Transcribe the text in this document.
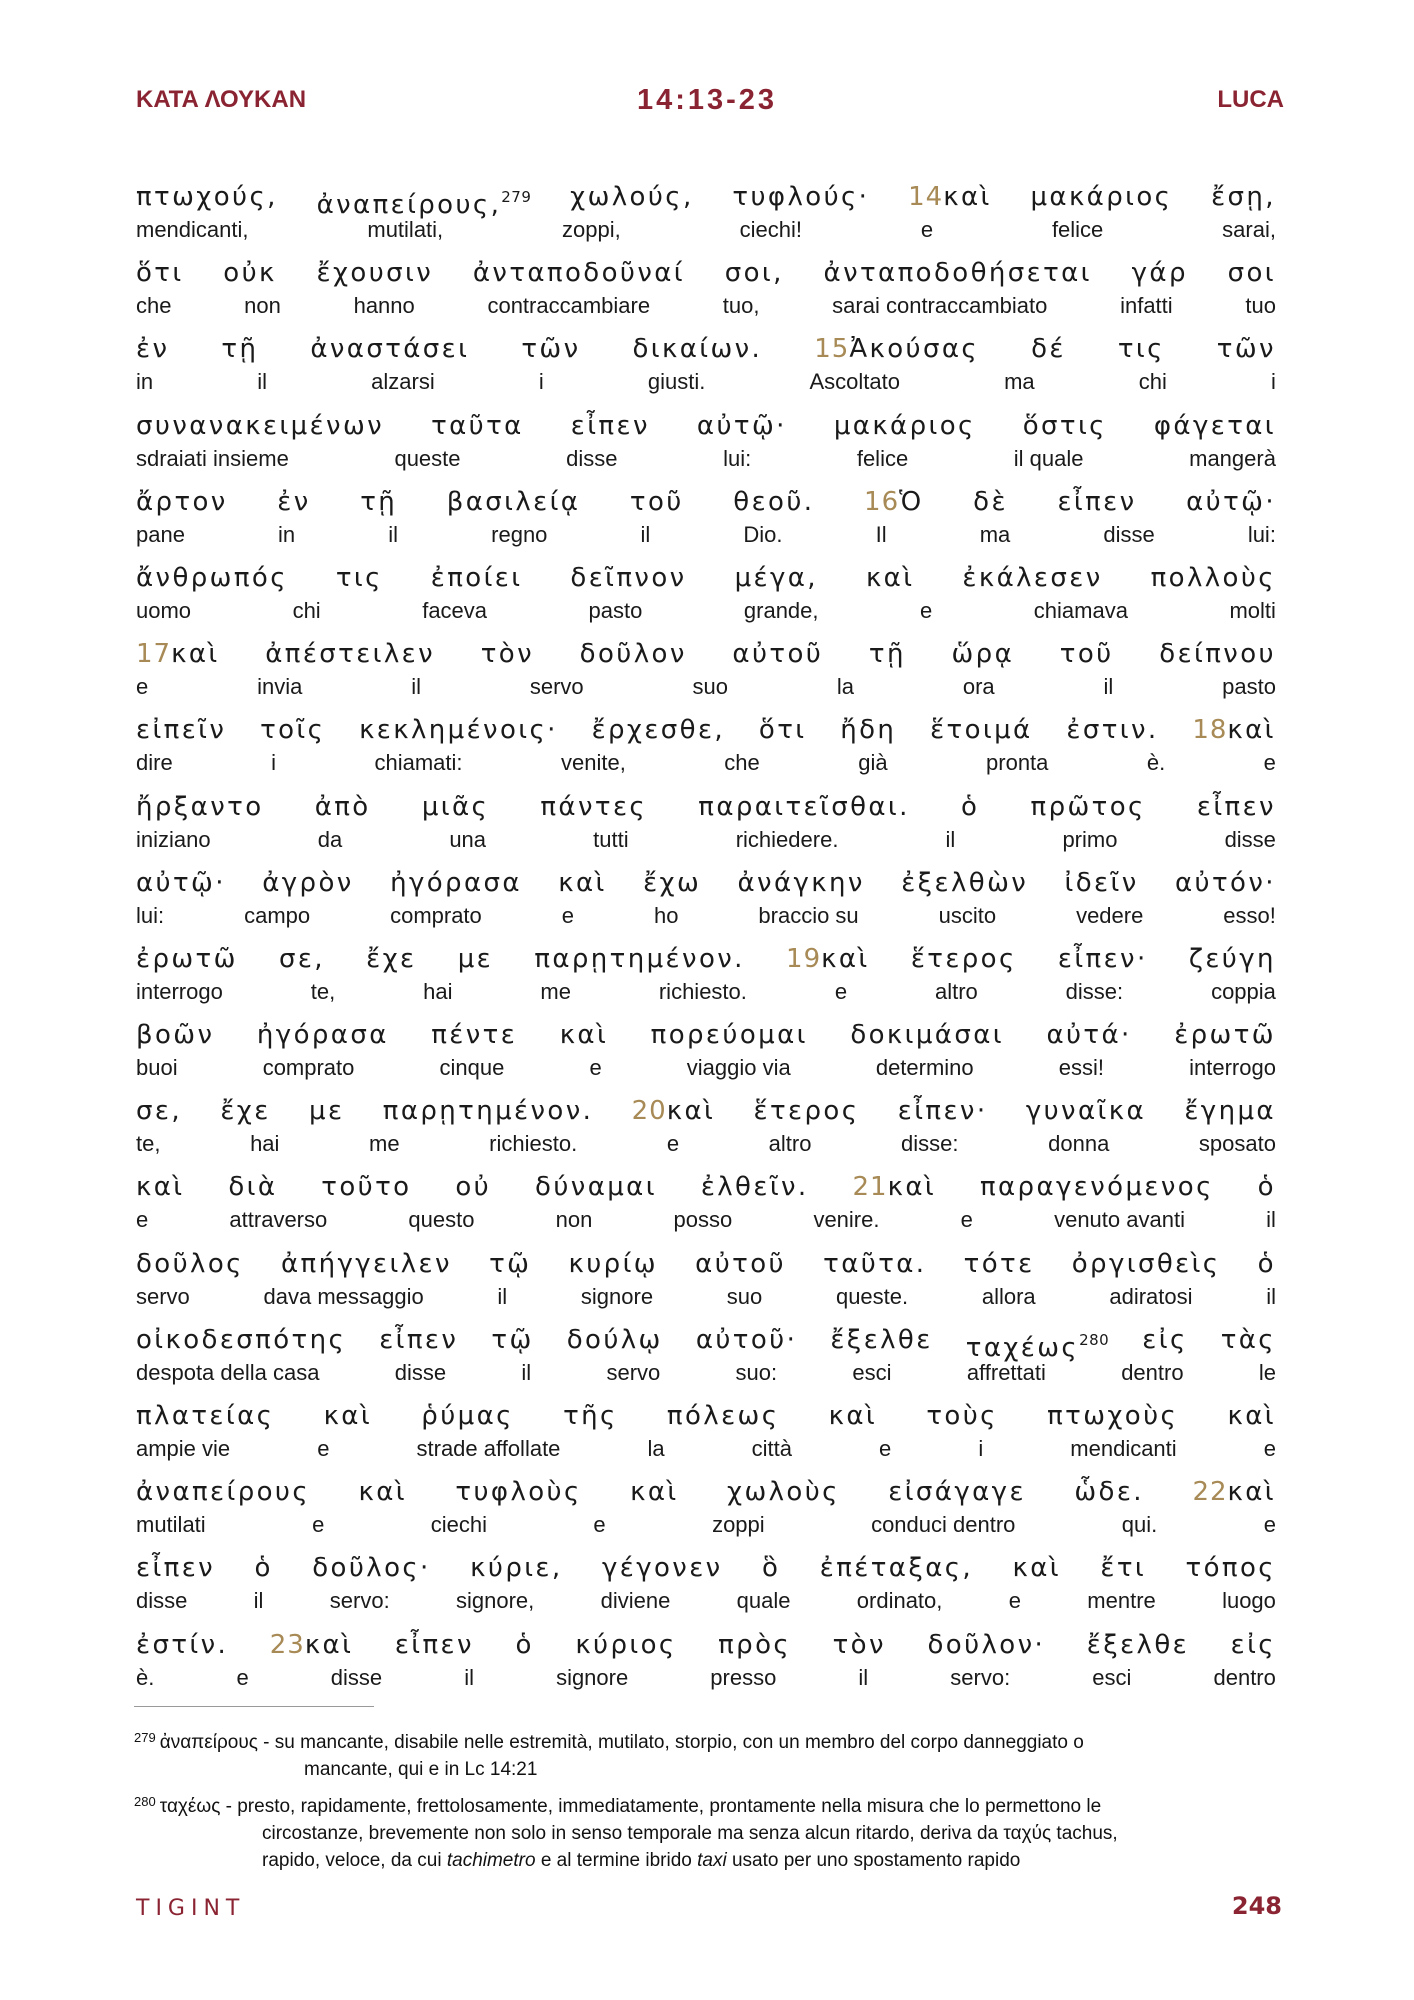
ΚΑΤΑ ΛΟΥΚΑΝ	14:13-23	LUCA
πτωχούς, ἀναπείρους,$^{279}$ χωλούς, τυφλούς· 14καὶ μακάριος ἔσῃ,
mendicanti,	mutilati,	zoppi,	ciechi!	e	felice	sarai,
ὅτι οὐκ ἔχουσιν ἀνταποδοῦναί σοι, ἀνταποδοθήσεται γάρ σοι
che	non	hanno	contraccambiare	tuo,	sarai contraccambiato	infatti	tuo
ἐν τῇ ἀναστάσει τῶν δικαίων. 15Ἀκούσας δέ τις τῶν
in	il	alzarsi	i	giusti.	Ascoltato	ma	chi	i
συνανακειμένων ταῦτα εἶπεν αὐτῷ· μακάριος ὅστις φάγεται
sdraiati insieme	queste	disse	lui:	felice	il quale	mangerà
ἄρτον ἐν τῇ βασιλείᾳ τοῦ θεοῦ. 16Ὁ δὲ εἶπεν αὐτῷ·
pane	in	il	regno	il	Dio.	Il	ma	disse	lui:
ἄνθρωπός τις ἐποίει δεῖπνον μέγα, καὶ ἐκάλεσεν πολλοὺς
uomo	chi	faceva	pasto	grande,	e	chiamava	molti
17καὶ ἀπέστειλεν τὸν δοῦλον αὐτοῦ τῇ ὥρᾳ τοῦ δείπνου
e	invia	il	servo	suo	la	ora	il	pasto
εἰπεῖν τοῖς κεκλημένοις· ἔρχεσθε, ὅτι ἤδη ἕτοιμά ἐστιν. 18καὶ
dire	i	chiamati:	venite,	che	già	pronta	è.	e
ἤρξαντο ἀπὸ μιᾶς πάντες παραιτεῖσθαι. ὁ πρῶτος εἶπεν
iniziano	da	una	tutti	richiedere.	il	primo	disse
αὐτῷ· ἀγρὸν ἠγόρασα καὶ ἔχω ἀνάγκην ἐξελθὼν ἰδεῖν αὐτόν·
lui:	campo	comprato	e	ho	braccio su	uscito	vedere	esso!
ἐρωτῶ σε, ἔχε με παρῃτημένον. 19καὶ ἕτερος εἶπεν· ζεύγη
interrogo	te,	hai	me	richiesto.	e	altro	disse:	coppia
βοῶν ἠγόρασα πέντε καὶ πορεύομαι δοκιμάσαι αὐτά· ἐρωτῶ
buoi	comprato	cinque	e	viaggio via	determino	essi!	interrogo
σε, ἔχε με παρῃτημένον. 20καὶ ἕτερος εἶπεν· γυναῖκα ἔγημα
te,	hai	me	richiesto.	e	altro	disse:	donna	sposato
καὶ διὰ τοῦτο οὐ δύναμαι ἐλθεῖν. 21καὶ παραγενόμενος ὁ
e	attraverso	questo	non	posso	venire.	e	venuto avanti	il
δοῦλος ἀπήγγειλεν τῷ κυρίῳ αὐτοῦ ταῦτα. τότε ὀργισθεὶς ὁ
servo	dava messaggio	il	signore	suo	queste.	allora	adiratosi	il
οἰκοδεσπότης εἶπεν τῷ δούλῳ αὐτοῦ· ἔξελθε ταχέως$^{280}$ εἰς τὰς
despota della casa	disse	il	servo	suo:	esci	affrettati	dentro	le
πλατείας καὶ ῥύμας τῆς πόλεως καὶ τοὺς πτωχοὺς καὶ
ampie vie	e	strade affollate	la	città	e	i	mendicanti	e
ἀναπείρους καὶ τυφλοὺς καὶ χωλοὺς εἰσάγαγε ὧδε. 22καὶ
mutilati	e	ciechi	e	zoppi	conduci dentro	qui.	e
εἶπεν ὁ δοῦλος· κύριε, γέγονεν ὃ ἐπέταξας, καὶ ἔτι τόπος
disse	il	servo:	signore,	diviene	quale	ordinato,	e	mentre	luogo
ἐστίν. 23καὶ εἶπεν ὁ κύριος πρὸς τὸν δοῦλον· ἔξελθε εἰς
è.	e	disse	il	signore	presso	il	servo:	esci	dentro
$^{279}$ ἀναπείρους - su mancante, disabile nelle estremità, mutilato, storpio, con un membro del corpo danneggiato o
mancante, qui e in Lc 14:21
$^{280}$ ταχέως - presto, rapidamente, frettolosamente, immediatamente, prontamente nella misura che lo permettono le
circostanze, brevemente non solo in senso temporale ma senza alcun ritardo, deriva da ταχύς tachus,
rapido, veloce, da cui tachimetro e al termine ibrido taxi usato per uno spostamento rapido
TIGINT	248
